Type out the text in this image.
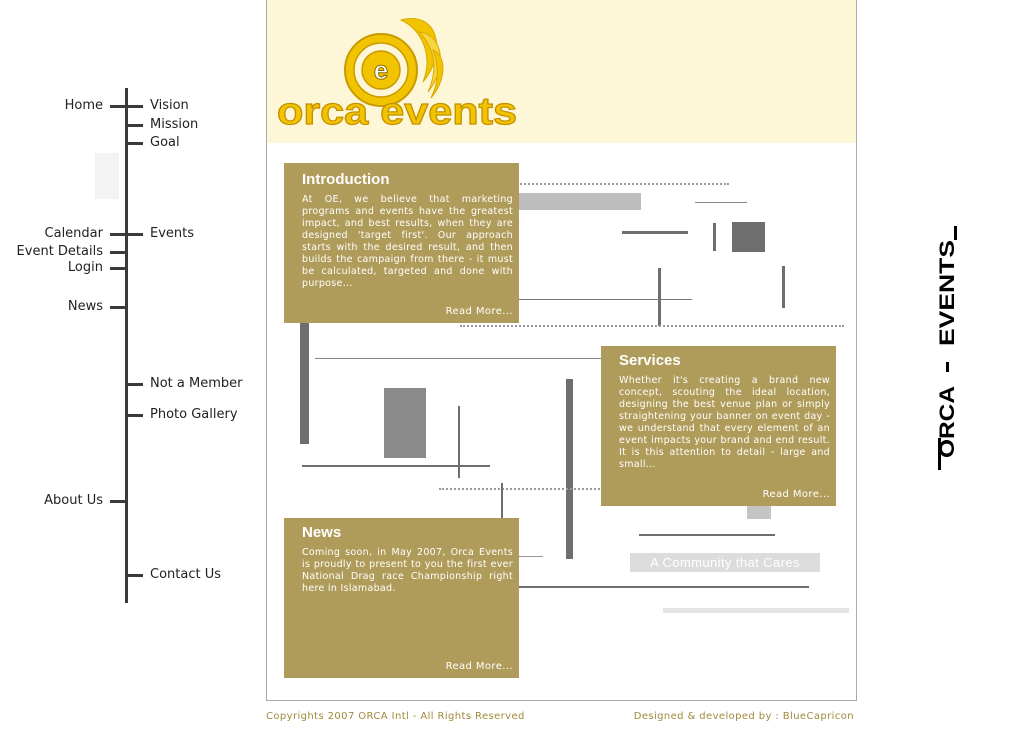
Home
Calendar
Event Details
Login
News
About Us
Vision
Mission
Goal
Events
Not a Member
Photo Gallery
Contact Us
e
orca events
Introduction

At OE, we believe that marketing programs and events have the greatest impact, and best results, when they are designed 'target first'. Our approach starts with the desired result, and then builds the campaign from there - it must be calculated, targeted and done with purpose...

Read More...
Services

Whether it's creating a brand new concept, scouting the ideal location, designing the best venue plan or simply straightening your banner on event day - we understand that every element of an event impacts your brand and end result. It is this attention to detail - large and small...

Read More...
News

Coming soon, in May 2007, Orca Events is proudly to present to you the first ever National Drag race Championship right here in Islamabad.

Read More...
A Community that Cares
Copyrights 2007 ORCA Intl - All Rights Reserved	Designed & developed by : BlueCapricon
EVENTS
ORCA
